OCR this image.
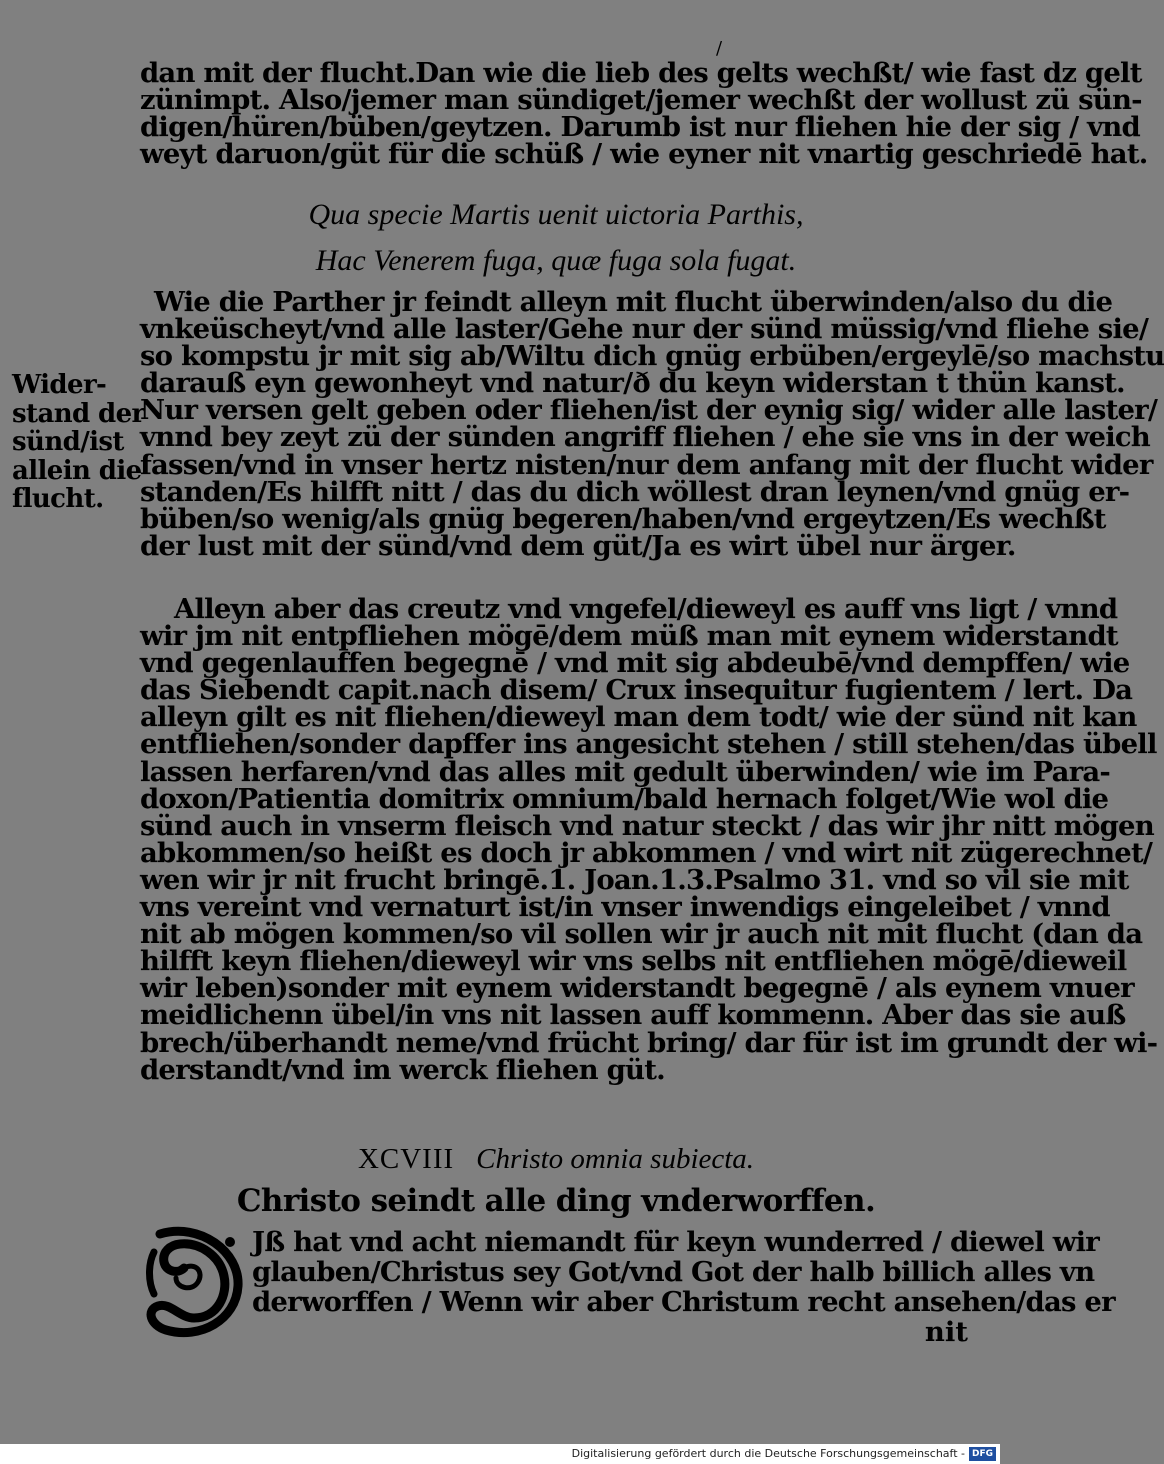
/
dan mit der flucht.Dan wie die lieb des gelts wechßt/ wie fast dz gelt
zünimpt. Also/jemer man sündiget/jemer wechßt der wollust zü sün-
digen/hüren/büben/geytzen. Darumb ist nur fliehen hie der sig / vnd
weyt daruon/güt für die schüß / wie eyner nit vnartig geschriedē hat.
Qua specie Martis uenit uictoria Parthis,
Hac Venerem fuga, quæ fuga sola fugat.
Wie die Parther jr feindt alleyn mit flucht überwinden/also du die
vnkeüscheyt/vnd alle laster/Gehe nur der sünd müssig/vnd fliehe sie/
so kompstu jr mit sig ab/Wiltu dich gnüg erbüben/ergeylē/so machstu
darauß eyn gewonheyt vnd natur/ð du keyn widerstan t thün kanst.
Nur versen gelt geben oder fliehen/ist der eynig sig/ wider alle laster/
vnnd bey zeyt zü der sünden angriff fliehen / ehe sie vns in der weich
fassen/vnd in vnser hertz nisten/nur dem anfang mit der flucht wider
standen/Es hilfft nitt / das du dich wöllest dran leynen/vnd gnüg er-
büben/so wenig/als gnüg begeren/haben/vnd ergeytzen/Es wechßt
der lust mit der sünd/vnd dem güt/Ja es wirt übel nur ärger.
Wider-
stand der
sünd/ist
allein die
flucht.
Alleyn aber das creutz vnd vngefel/dieweyl es auff vns ligt / vnnd
wir jm nit entpfliehen mögē/dem müß man mit eynem widerstandt
vnd gegenlauffen begegnē / vnd mit sig abdeubē/vnd dempffen/ wie
das Siebendt capit.nach disem/ Crux insequitur fugientem / lert. Da
alleyn gilt es nit fliehen/dieweyl man dem todt/ wie der sünd nit kan
entfliehen/sonder dapffer ins angesicht stehen / still stehen/das übell
lassen herfaren/vnd das alles mit gedult überwinden/ wie im Para-
doxon/Patientia domitrix omnium/bald hernach folget/Wie wol die
sünd auch in vnserm fleisch vnd natur steckt / das wir jhr nitt mögen
abkommen/so heißt es doch jr abkommen / vnd wirt nit zügerechnet/
wen wir jr nit frucht bringē.1. Joan.1.3.Psalmo 31. vnd so vil sie mit
vns vereint vnd vernaturt ist/in vnser inwendigs eingeleibet / vnnd
nit ab mögen kommen/so vil sollen wir jr auch nit mit flucht (dan da
hilfft keyn fliehen/dieweyl wir vns selbs nit entfliehen mögē/dieweil
wir leben)sonder mit eynem widerstandt begegnē / als eynem vnuer
meidlichenn übel/in vns nit lassen auff kommenn. Aber das sie auß
brech/überhandt neme/vnd frücht bring/ dar für ist im grundt der wi-
derstandt/vnd im werck fliehen güt.
XCVIII Christo omnia subiecta.
Christo seindt alle ding vnderworffen.
Jß hat vnd acht niemandt für keyn wunderred / diewel wir
glauben/Christus sey Got/vnd Got der halb billich alles vn
derworffen / Wenn wir aber Christum recht ansehen/das er
nit
Digitalisierung gefördert durch die Deutsche Forschungsgemeinschaft - DFG
